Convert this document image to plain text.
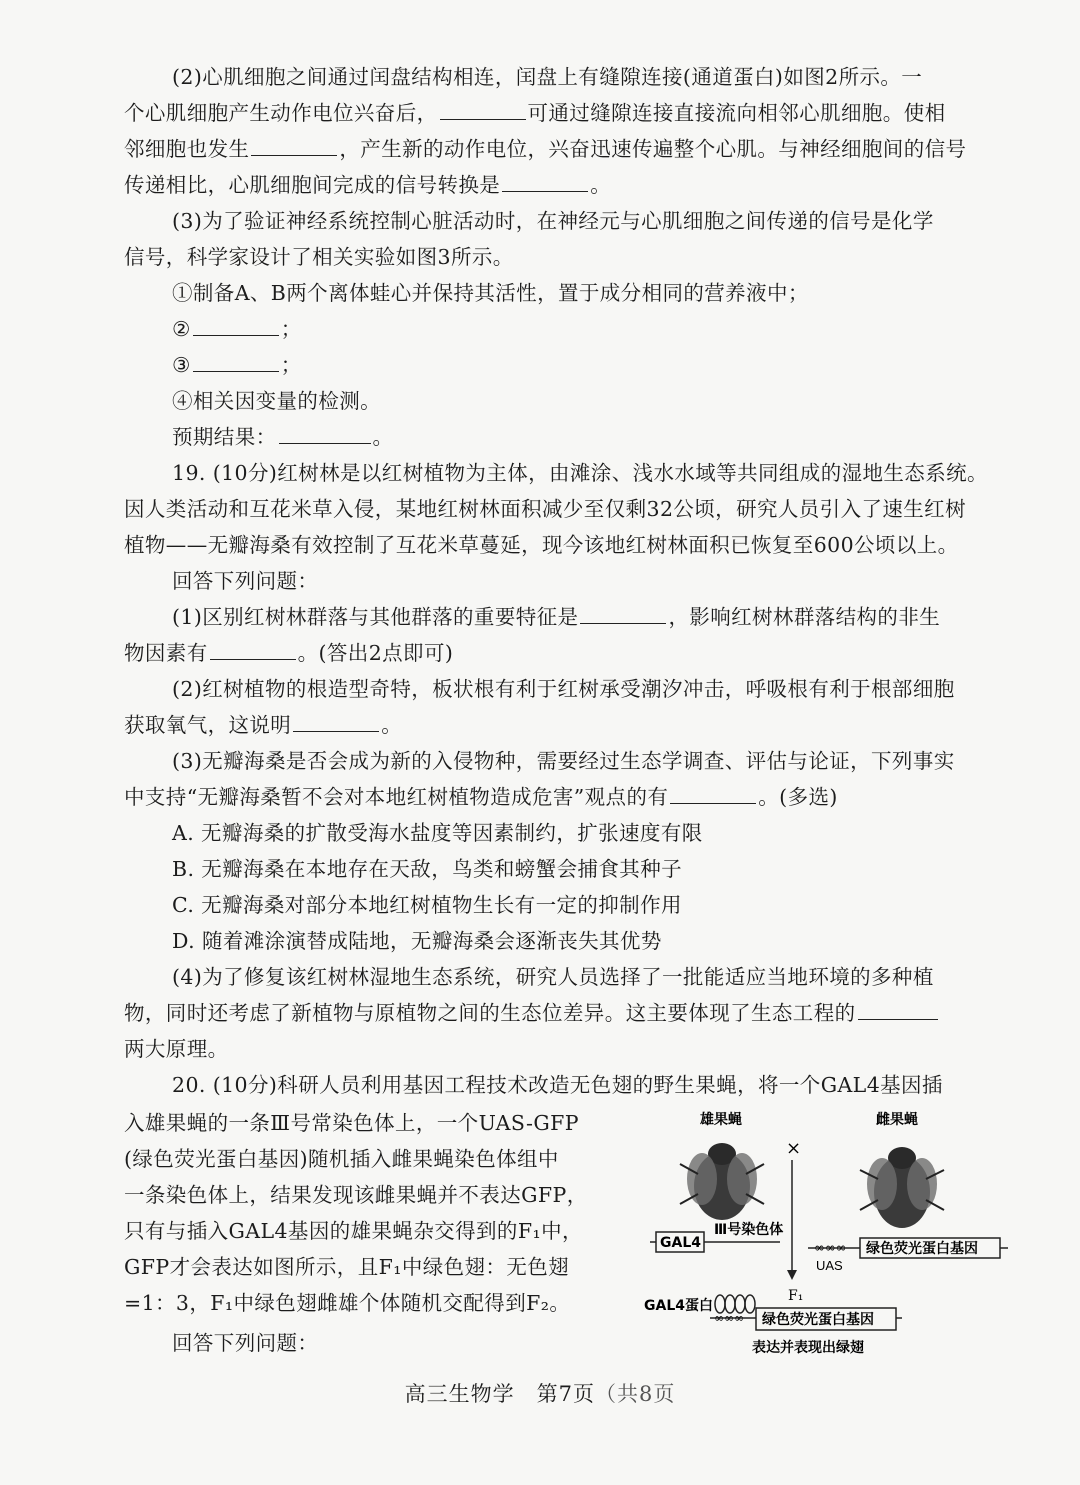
(2)心肌细胞之间通过闰盘结构相连，闰盘上有缝隙连接(通道蛋白)如图2所示。一
个心肌细胞产生动作电位兴奋后，	可通过缝隙连接直接流向相邻心肌细胞。使相
邻细胞也发生	，产生新的动作电位，兴奋迅速传遍整个心肌。与神经细胞间的信号
传递相比，心肌细胞间完成的信号转换是	。
(3)为了验证神经系统控制心脏活动时，在神经元与心肌细胞之间传递的信号是化学
信号，科学家设计了相关实验如图3所示。
①制备A、B两个离体蛙心并保持其活性，置于成分相同的营养液中；
②	；
③	；
④相关因变量的检测。
预期结果：	。
19. (10分)红树林是以红树植物为主体，由滩涂、浅水水域等共同组成的湿地生态系统。
因人类活动和互花米草入侵，某地红树林面积减少至仅剩32公顷，研究人员引入了速生红树
植物——无瓣海桑有效控制了互花米草蔓延，现今该地红树林面积已恢复至600公顷以上。
回答下列问题：
(1)区别红树林群落与其他群落的重要特征是	，影响红树林群落结构的非生
物因素有	。(答出2点即可)
(2)红树植物的根造型奇特，板状根有利于红树承受潮汐冲击，呼吸根有利于根部细胞
获取氧气，这说明	。
(3)无瓣海桑是否会成为新的入侵物种，需要经过生态学调查、评估与论证，下列事实
中支持“无瓣海桑暂不会对本地红树植物造成危害”观点的有	。(多选)
A. 无瓣海桑的扩散受海水盐度等因素制约，扩张速度有限
B. 无瓣海桑在本地存在天敌，鸟类和螃蟹会捕食其种子
C. 无瓣海桑对部分本地红树植物生长有一定的抑制作用
D. 随着滩涂演替成陆地，无瓣海桑会逐渐丧失其优势
(4)为了修复该红树林湿地生态系统，研究人员选择了一批能适应当地环境的多种植
物，同时还考虑了新植物与原植物之间的生态位差异。这主要体现了生态工程的
两大原理。
20. (10分)科研人员利用基因工程技术改造无色翅的野生果蝇，将一个GAL4基因插
入雄果蝇的一条Ⅲ号常染色体上，一个UAS-GFP
(绿色荧光蛋白基因)随机插入雌果蝇染色体组中
一条染色体上，结果发现该雌果蝇并不表达GFP，
只有与插入GAL4基因的雄果蝇杂交得到的F₁中，
GFP才会表达如图所示，且F₁中绿色翅：无色翅
=1：3，F₁中绿色翅雌雄个体随机交配得到F₂。
回答下列问题：
雄果蝇	雌果蝇
×
F₁
GAL4
Ⅲ号染色体
∞∞∞ 绿色荧光蛋白基因
UAS
GAL4蛋白
∞∞∞ 绿色荧光蛋白基因
表达并表现出绿翅
高三生物学　第7页（共8页
